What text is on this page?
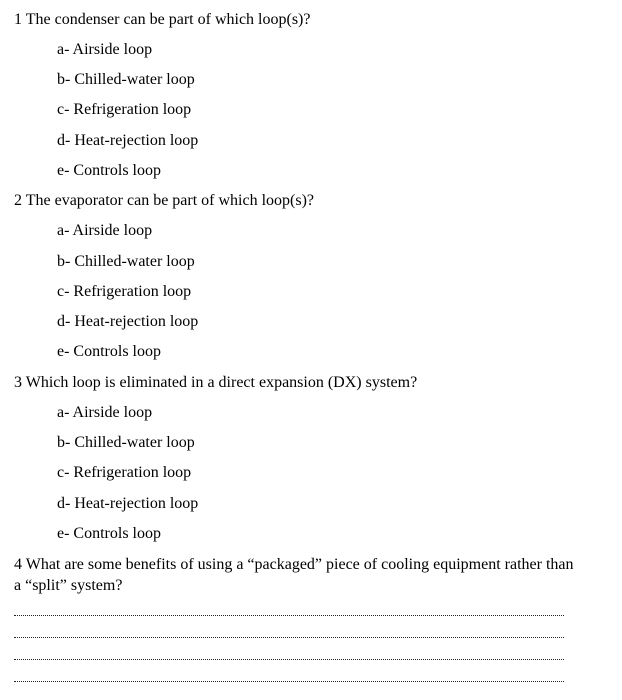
1 The condenser can be part of which loop(s)?
a- Airside loop
b- Chilled-water loop
c- Refrigeration loop
d- Heat-rejection loop
e- Controls loop
2 The evaporator can be part of which loop(s)?
a- Airside loop
b- Chilled-water loop
c- Refrigeration loop
d- Heat-rejection loop
e- Controls loop
3 Which loop is eliminated in a direct expansion (DX) system?
a- Airside loop
b- Chilled-water loop
c- Refrigeration loop
d- Heat-rejection loop
e- Controls loop
4 What are some benefits of using a “packaged” piece of cooling equipment rather than a “split” system?
